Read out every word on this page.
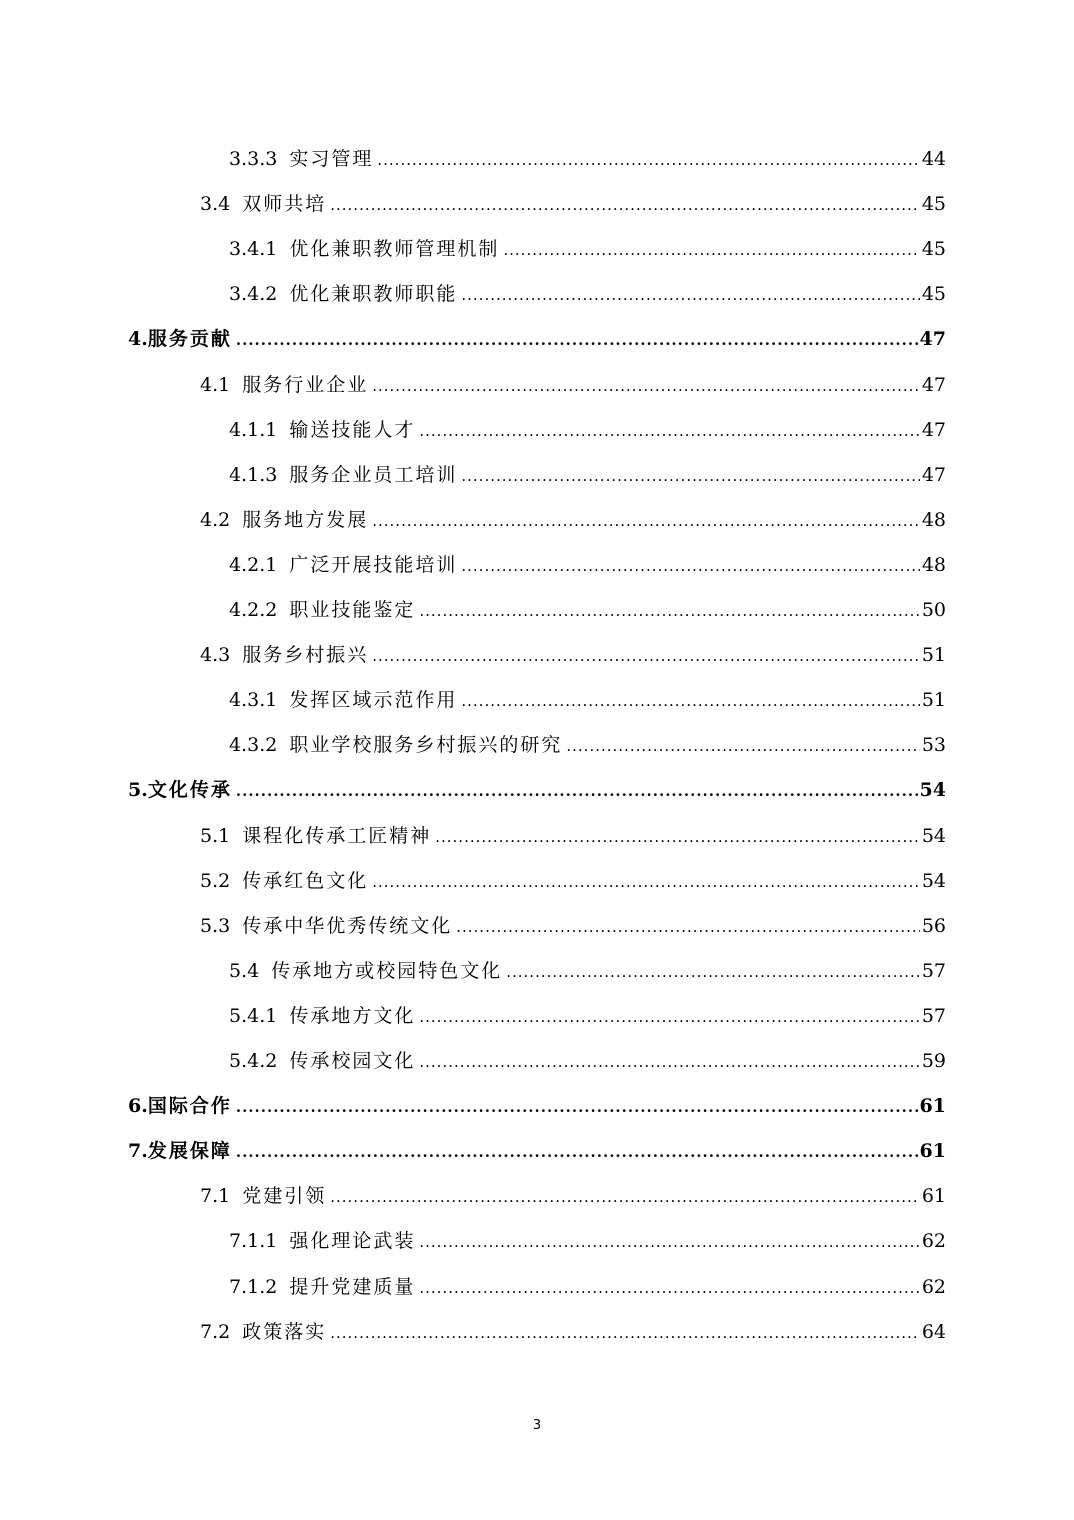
3.3.3 实习管理 .....	44
3.4 双师共培 .....	45
3.4.1 优化兼职教师管理机制 .....	45
3.4.2 优化兼职教师职能 .....	45
4.服务贡献 .....	47
4.1 服务行业企业 .....	47
4.1.1 输送技能人才 .....	47
4.1.3 服务企业员工培训 .....	47
4.2 服务地方发展 .....	48
4.2.1 广泛开展技能培训 .....	48
4.2.2 职业技能鉴定 .....	50
4.3 服务乡村振兴 .....	51
4.3.1 发挥区域示范作用 .....	51
4.3.2 职业学校服务乡村振兴的研究 .....	53
5.文化传承 .....	54
5.1 课程化传承工匠精神 .....	54
5.2 传承红色文化 .....	54
5.3 传承中华优秀传统文化 .....	56
5.4 传承地方或校园特色文化 .....	57
5.4.1 传承地方文化 .....	57
5.4.2 传承校园文化 .....	59
6.国际合作 .....	61
7.发展保障 .....	61
7.1 党建引领 .....	61
7.1.1 强化理论武装 .....	62
7.1.2 提升党建质量 .....	62
7.2 政策落实 .....	64
3
